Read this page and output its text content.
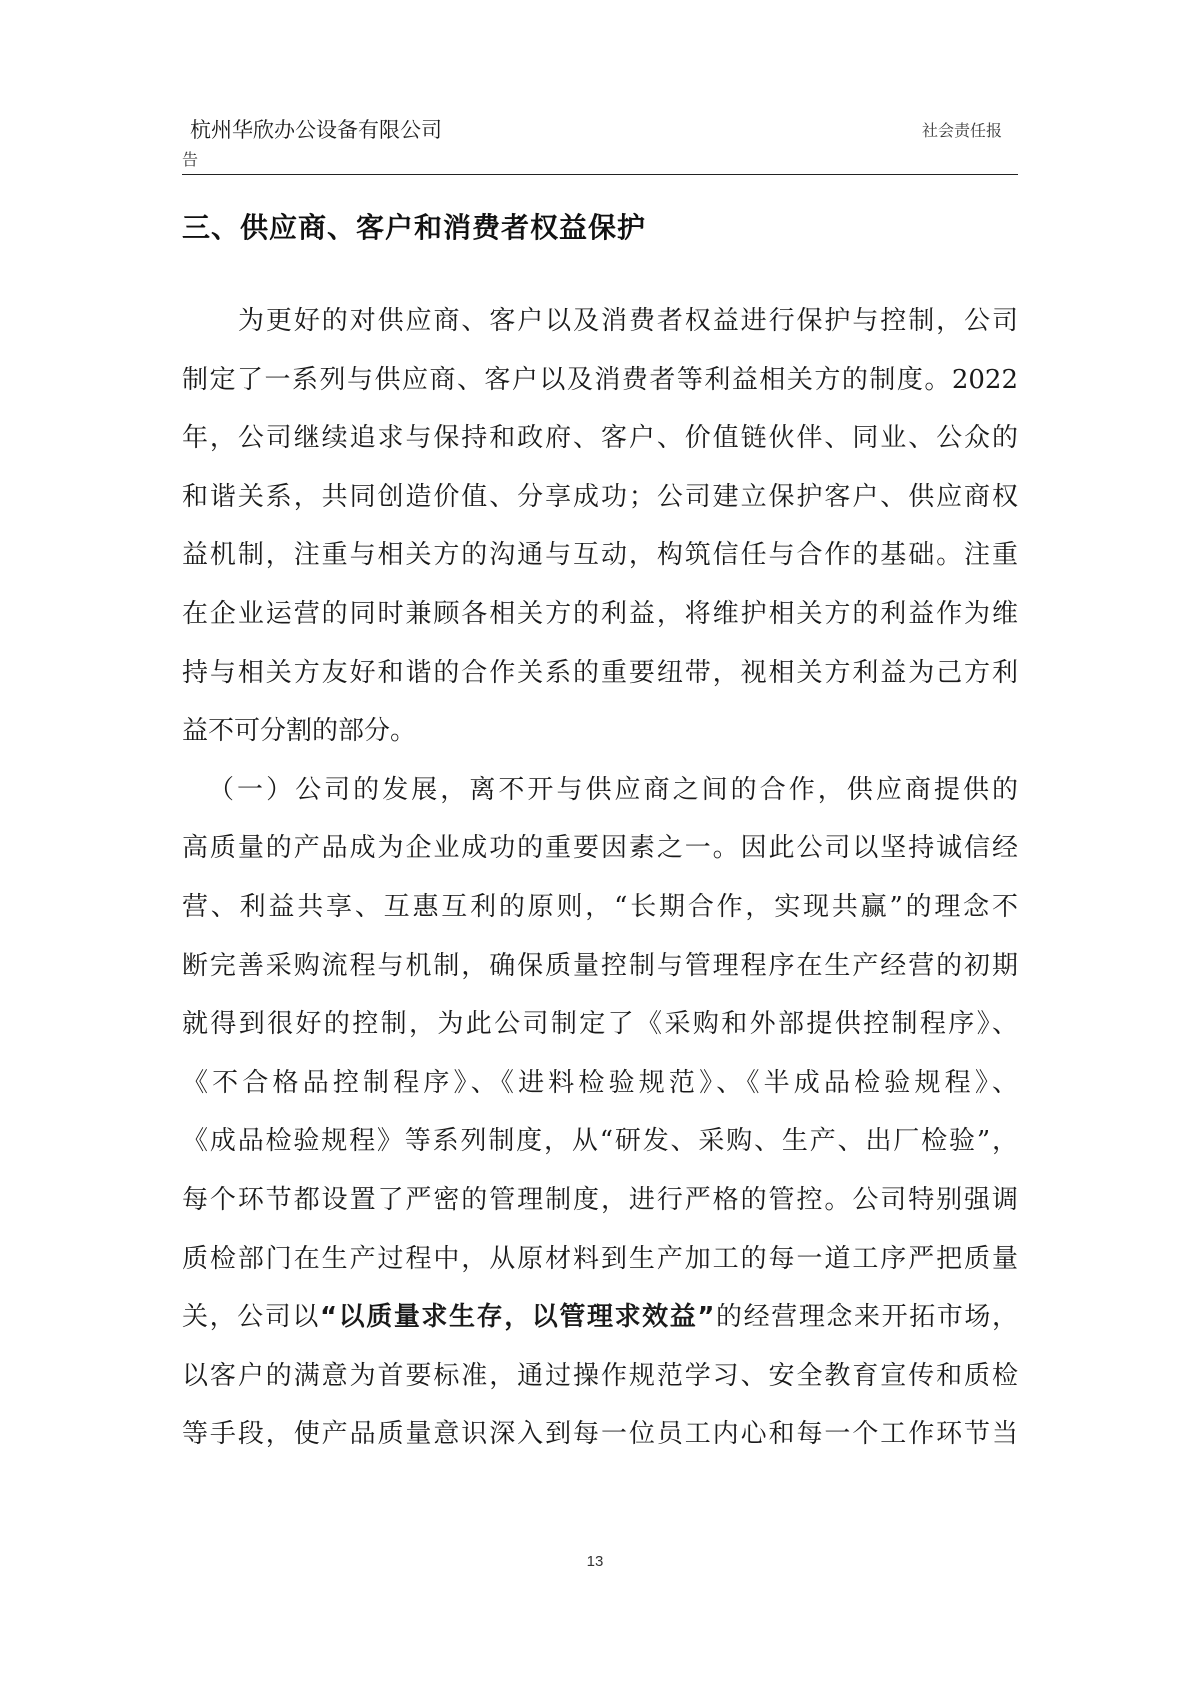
杭州华欣办公设备有限公司	社会责任报
告
三、供应商、客户和消费者权益保护
为更好的对供应商、客户以及消费者权益进行保护与控制，公司
制定了一系列与供应商、客户以及消费者等利益相关方的制度。2022
年，公司继续追求与保持和政府、客户、价值链伙伴、同业、公众的
和谐关系，共同创造价值、分享成功；公司建立保护客户、供应商权
益机制，注重与相关方的沟通与互动，构筑信任与合作的基础。注重
在企业运营的同时兼顾各相关方的利益，将维护相关方的利益作为维
持与相关方友好和谐的合作关系的重要纽带，视相关方利益为己方利
益不可分割的部分。
（一）公司的发展，离不开与供应商之间的合作，供应商提供的
高质量的产品成为企业成功的重要因素之一。因此公司以坚持诚信经
营、利益共享、互惠互利的原则，“长期合作，实现共赢”的理念不
断完善采购流程与机制，确保质量控制与管理程序在生产经营的初期
就得到很好的控制，为此公司制定了《采购和外部提供控制程序》、
《不合格品控制程序》、《进料检验规范》、《半成品检验规程》、
《成品检验规程》等系列制度，从“研发、采购、生产、出厂检验”，
每个环节都设置了严密的管理制度，进行严格的管控。公司特别强调
质检部门在生产过程中，从原材料到生产加工的每一道工序严把质量
关，公司以“以质量求生存，以管理求效益”的经营理念来开拓市场，
以客户的满意为首要标准，通过操作规范学习、安全教育宣传和质检
等手段，使产品质量意识深入到每一位员工内心和每一个工作环节当
13
